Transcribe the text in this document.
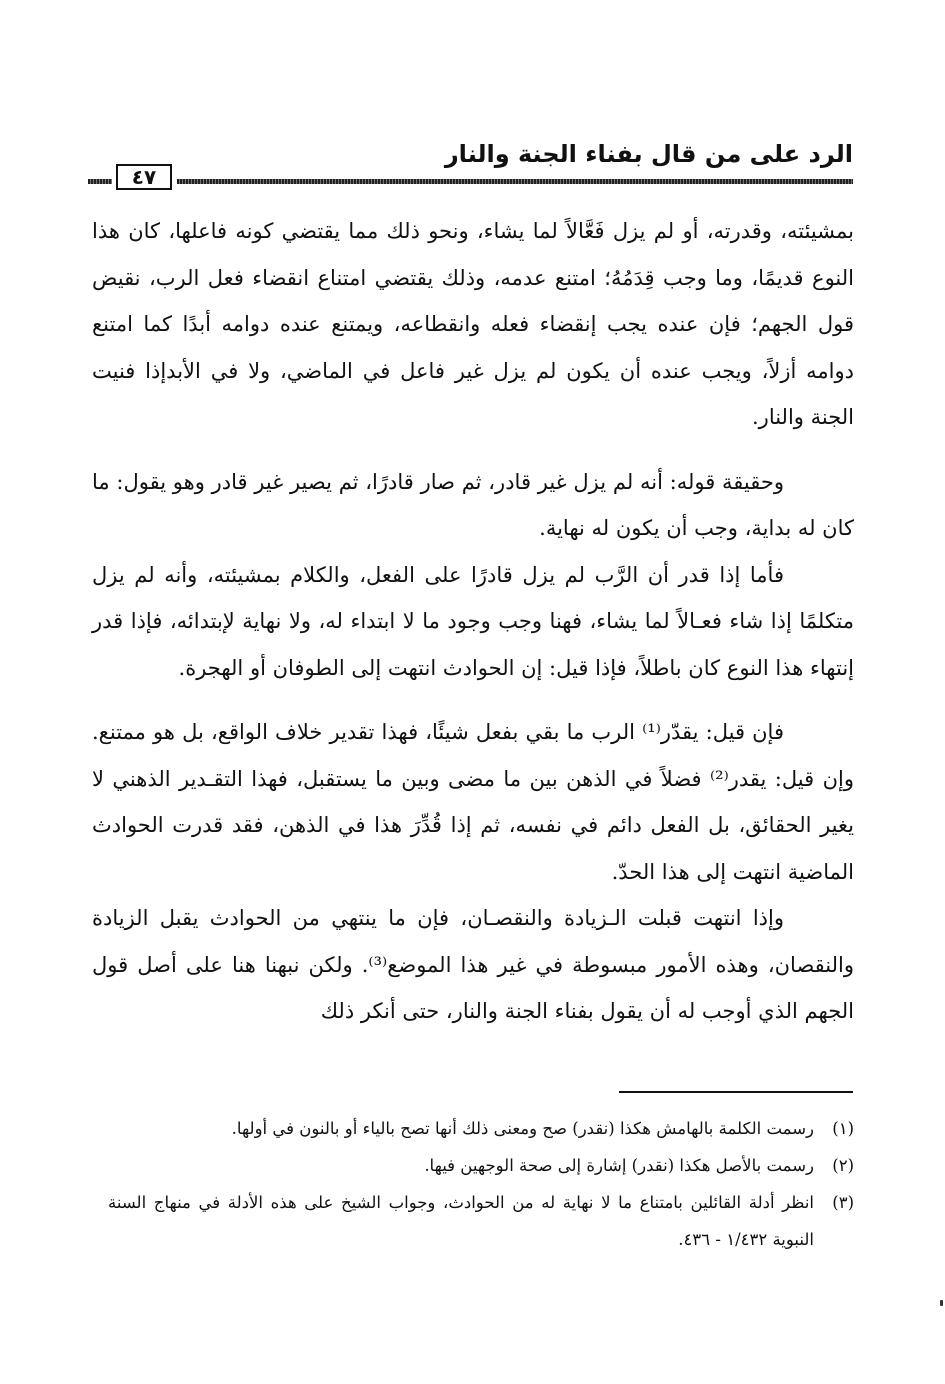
الرد على من قال بفناء الجنة والنار
٤٧

بمشيئته، وقدرته، أو لم يزل فَعَّالاً لما يشاء، ونحو ذلك مما يقتضي كونه فاعلها، كان هذا النوع قديمًا، وما وجب قِدَمُهُ؛ امتنع عدمه، وذلك يقتضي امتناع انقضاء فعل الرب، نقيض قول الجهم؛ فإن عنده يجب إنقضاء فعله وانقطاعه، ويمتنع عنده دوامه أبدًا كما امتنع دوامه أزلاً، ويجب عنده أن يكون لم يزل غير فاعل في الماضي، ولا في الأبدإذا فنيت الجنة والنار.

وحقيقة قوله: أنه لم يزل غير قادر، ثم صار قادرًا، ثم يصير غير قادر وهو يقول: ما كان له بداية، وجب أن يكون له نهاية.

فأما إذا قدر أن الرَّب لم يزل قادرًا على الفعل، والكلام بمشيئته، وأنه لم يزل متكلمًا إذا شاء فعـالاً لما يشاء، فهنا وجب وجود ما لا ابتداء له، ولا نهاية لإبتدائه، فإذا قدر إنتهاء هذا النوع كان باطلاً، فإذا قيل: إن الحوادث انتهت إلى الطوفان أو الهجرة.

فإن قيل: يقدّر⁽¹⁾ الرب ما بقي بفعل شيئًا، فهذا تقدير خلاف الواقع، بل هو ممتنع. وإن قيل: يقدر⁽²⁾ فضلاً في الذهن بين ما مضى وبين ما يستقبل، فهذا التقـدير الذهني لا يغير الحقائق، بل الفعل دائم في نفسه، ثم إذا قُدِّرَ هذا في الذهن، فقد قدرت الحوادث الماضية انتهت إلى هذا الحدّ.

وإذا انتهت قبلت الـزيادة والنقصـان، فإن ما ينتهي من الحوادث يقبل الزيادة والنقصان، وهذه الأمور مبسوطة في غير هذا الموضع⁽³⁾. ولكن نبهنا هنا على أصل قول الجهم الذي أوجب له أن يقول بفناء الجنة والنار، حتى أنكر ذلك

(١)
رسمت الكلمة بالهامش هكذا (نقدر) صح ومعنى ذلك أنها تصح بالياء أو بالنون في أولها.
(٢)
رسمت بالأصل هكذا (نقدر) إشارة إلى صحة الوجهين فيها.
(٣)
انظر أدلة القائلين بامتناع ما لا نهاية له من الحوادث، وجواب الشيخ على هذه الأدلة في منهاج السنة النبوية ١/٤٣٢ - ٤٣٦.
